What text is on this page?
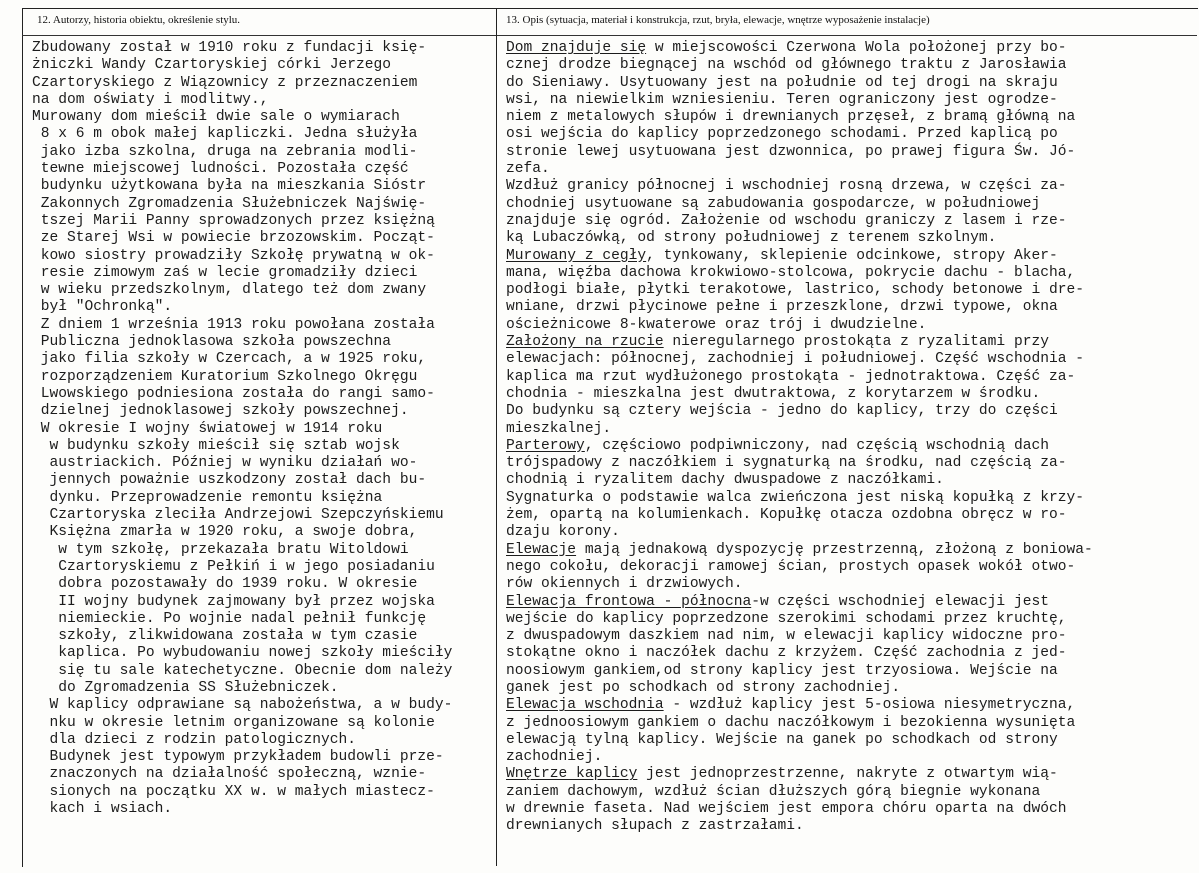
12. Autorzy, historia obiektu, określenie stylu.	13. Opis (sytuacja, materiał i konstrukcja, rzut, bryła, elewacje, wnętrze wyposażenie instalacje)
Zbudowany został w 1910 roku z fundacji księ-
żniczki Wandy Czartoryskiej córki Jerzego
Czartoryskiego z Wiązownicy z przeznaczeniem
na dom oświaty i modlitwy.,
Murowany dom mieścił dwie sale o wymiarach
8 x 6 m obok małej kapliczki. Jedna służyła
jako izba szkolna, druga na zebrania modli-
tewne miejscowej ludności. Pozostała część
budynku użytkowana była na mieszkania Sióstr
Zakonnych Zgromadzenia Służebniczek Najświę-
tszej Marii Panny sprowadzonych przez księżną
ze Starej Wsi w powiecie brzozowskim. Począt-
kowo siostry prowadziły Szkołę prywatną w ok-
resie zimowym zaś w lecie gromadziły dzieci
w wieku przedszkolnym, dlatego też dom zwany
był "Ochronką".
Z dniem 1 września 1913 roku powołana została
Publiczna jednoklasowa szkoła powszechna
jako filia szkoły w Czercach, a w 1925 roku,
rozporządzeniem Kuratorium Szkolnego Okręgu
Lwowskiego podniesiona została do rangi samo-
dzielnej jednoklasowej szkoły powszechnej.
W okresie I wojny światowej w 1914 roku
w budynku szkoły mieścił się sztab wojsk
austriackich. Później w wyniku działań wo-
jennych poważnie uszkodzony został dach bu-
dynku. Przeprowadzenie remontu księżna
Czartoryska zleciła Andrzejowi Szepczyńskiemu
Księżna zmarła w 1920 roku, a swoje dobra,
w tym szkołę, przekazała bratu Witoldowi
Czartoryskiemu z Pełkiń i w jego posiadaniu
dobra pozostawały do 1939 roku. W okresie
II wojny budynek zajmowany był przez wojska
niemieckie. Po wojnie nadal pełnił funkcję
szkoły, zlikwidowana została w tym czasie
kaplica. Po wybudowaniu nowej szkoły mieściły
się tu sale katechetyczne. Obecnie dom należy
do Zgromadzenia SS Służebniczek.
W kaplicy odprawiane są nabożeństwa, a w budy-
nku w okresie letnim organizowane są kolonie
dla dzieci z rodzin patologicznych.
Budynek jest typowym przykładem budowli prze-
znaczonych na działalność społeczną, wznie-
sionych na początku XX w. w małych miastecz-
kach i wsiach.
Dom znajduje się w miejscowości Czerwona Wola położonej przy bo-
cznej drodze biegnącej na wschód od głównego traktu z Jarosławia
do Sieniawy. Usytuowany jest na południe od tej drogi na skraju
wsi, na niewielkim wzniesieniu. Teren ograniczony jest ogrodze-
niem z metalowych słupów i drewnianych przęseł, z bramą główną na
osi wejścia do kaplicy poprzedzonego schodami. Przed kaplicą po
stronie lewej usytuowana jest dzwonnica, po prawej figura Św. Jó-
zefa.
Wzdłuż granicy północnej i wschodniej rosną drzewa, w części za-
chodniej usytuowane są zabudowania gospodarcze, w południowej
znajduje się ogród. Założenie od wschodu graniczy z lasem i rze-
ką Lubaczówką, od strony południowej z terenem szkolnym.
Murowany z cegły, tynkowany, sklepienie odcinkowe, stropy Aker-
mana, więźba dachowa krokwiowo-stolcowa, pokrycie dachu - blacha,
podłogi białe, płytki terakotowe, lastrico, schody betonowe i dre-
wniane, drzwi płycinowe pełne i przeszklone, drzwi typowe, okna
ościeżnicowe 8-kwaterowe oraz trój i dwudzielne.
Założony na rzucie nieregularnego prostokąta z ryzalitami przy
elewacjach: północnej, zachodniej i południowej. Część wschodnia -
kaplica ma rzut wydłużonego prostokąta - jednotraktowa. Część za-
chodnia - mieszkalna jest dwutraktowa, z korytarzem w środku.
Do budynku są cztery wejścia - jedno do kaplicy, trzy do części
mieszkalnej.
Parterowy, częściowo podpiwniczony, nad częścią wschodnią dach
trójspadowy z naczółkiem i sygnaturką na środku, nad częścią za-
chodnią i ryzalitem dachy dwuspadowe z naczółkami.
Sygnaturka o podstawie walca zwieńczona jest niską kopułką z krzy-
żem, opartą na kolumienkach. Kopułkę otacza ozdobna obręcz w ro-
dzaju korony.
Elewacje mają jednakową dyspozycję przestrzenną, złożoną z boniowa-
nego cokołu, dekoracji ramowej ścian, prostych opasek wokół otwo-
rów okiennych i drzwiowych.
Elewacja frontowa - północna-w części wschodniej elewacji jest
wejście do kaplicy poprzedzone szerokimi schodami przez kruchtę,
z dwuspadowym daszkiem nad nim, w elewacji kaplicy widoczne pro-
stokątne okno i naczółek dachu z krzyżem. Część zachodnia z jed-
noosiowym gankiem,od strony kaplicy jest trzyosiowa. Wejście na
ganek jest po schodkach od strony zachodniej.
Elewacja wschodnia - wzdłuż kaplicy jest 5-osiowa niesymetryczna,
z jednoosiowym gankiem o dachu naczółkowym i bezokienna wysunięta
elewacją tylną kaplicy. Wejście na ganek po schodkach od strony
zachodniej.
Wnętrze kaplicy jest jednoprzestrzenne, nakryte z otwartym wią-
zaniem dachowym, wzdłuż ścian dłuższych górą biegnie wykonana
w drewnie faseta. Nad wejściem jest empora chóru oparta na dwóch
drewnianych słupach z zastrzałami.
